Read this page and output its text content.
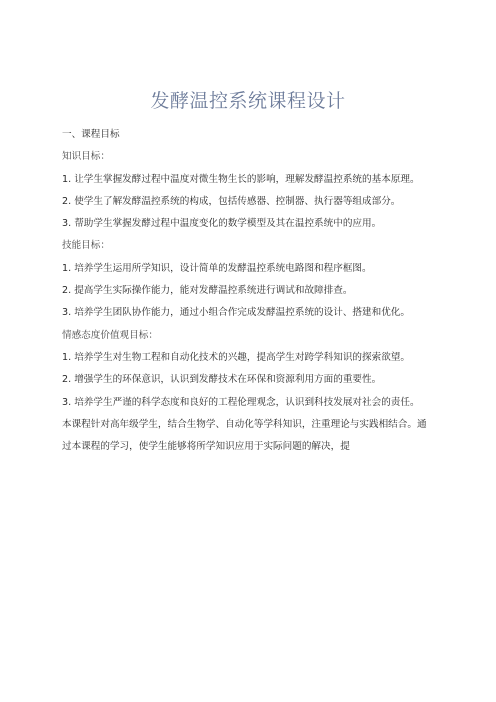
发酵温控系统课程设计

一、课程目标

知识目标：

1. 让学生掌握发酵过程中温度对微生物生长的影响，理解发酵温控系统的基本原理。

2. 使学生了解发酵温控系统的构成，包括传感器、控制器、执行器等组成部分。

3. 帮助学生掌握发酵过程中温度变化的数学模型及其在温控系统中的应用。

技能目标：

1. 培养学生运用所学知识，设计简单的发酵温控系统电路图和程序框图。

2. 提高学生实际操作能力，能对发酵温控系统进行调试和故障排查。

3. 培养学生团队协作能力，通过小组合作完成发酵温控系统的设计、搭建和优化。

情感态度价值观目标：

1. 培养学生对生物工程和自动化技术的兴趣，提高学生对跨学科知识的探索欲望。

2. 增强学生的环保意识，认识到发酵技术在环保和资源利用方面的重要性。

3. 培养学生严谨的科学态度和良好的工程伦理观念，认识到科技发展对社会的责任。

本课程针对高年级学生，结合生物学、自动化等学科知识，注重理论与实践相结合。通过本课程的学习，使学生能够将所学知识应用于实际问题的解决，提
